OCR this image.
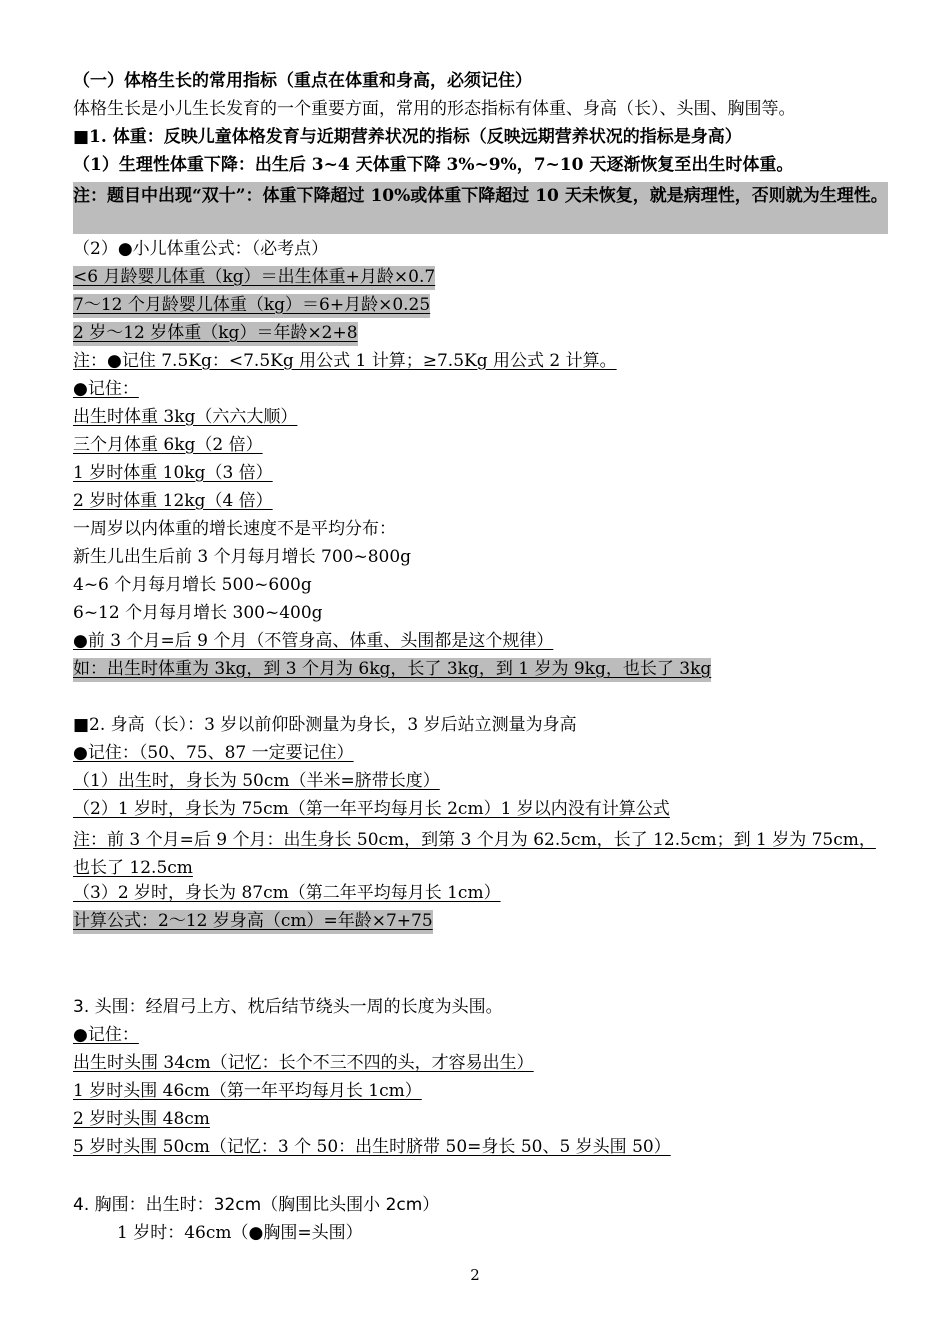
（一）体格生长的常用指标（重点在体重和身高，必须记住）
体格生长是小儿生长发育的一个重要方面，常用的形态指标有体重、身高（长）、头围、胸围等。
■1. 体重：反映儿童体格发育与近期营养状况的指标（反映远期营养状况的指标是身高）
（1）生理性体重下降：出生后 3~4 天体重下降 3%~9%，7~10 天逐渐恢复至出生时体重。
注：题目中出现“双十”：体重下降超过 10%或体重下降超过 10 天未恢复，就是病理性，否则就为生理性。
（2）●小儿体重公式：（必考点）
<6 月龄婴儿体重（kg）＝出生体重+月龄×0.7
7～12 个月龄婴儿体重（kg）＝6+月龄×0.25
2 岁～12 岁体重（kg）＝年龄×2+8
注：●记住 7.5Kg：<7.5Kg 用公式 1 计算；≥7.5Kg 用公式 2 计算。
●记住：
出生时体重 3kg（六六大顺）
三个月体重 6kg（2 倍）
1 岁时体重 10kg（3 倍）
2 岁时体重 12kg（4 倍）
一周岁以内体重的增长速度不是平均分布：
新生儿出生后前 3 个月每月增长 700~800g
4~6 个月每月增长 500~600g
6~12 个月每月增长 300~400g
●前 3 个月=后 9 个月（不管身高、体重、头围都是这个规律）
如：出生时体重为 3kg，到 3 个月为 6kg，长了 3kg，到 1 岁为 9kg，也长了 3kg
■2. 身高（长）：3 岁以前仰卧测量为身长，3 岁后站立测量为身高
●记住：（50、75、87 一定要记住）
（1）出生时，身长为 50cm（半米=脐带长度）
（2）1 岁时，身长为 75cm（第一年平均每月长 2cm）1 岁以内没有计算公式
注：前 3 个月=后 9 个月：出生身长 50cm，到第 3 个月为 62.5cm，长了 12.5cm；到 1 岁为 75cm，也长了 12.5cm
（3）2 岁时，身长为 87cm（第二年平均每月长 1cm）
计算公式：2～12 岁身高（cm）=年龄×7+75
3. 头围：经眉弓上方、枕后结节绕头一周的长度为头围。
●记住：
出生时头围 34cm（记忆：长个不三不四的头，才容易出生）
1 岁时头围 46cm（第一年平均每月长 1cm）
2 岁时头围 48cm
5 岁时头围 50cm（记忆：3 个 50：出生时脐带 50=身长 50、5 岁头围 50）
4. 胸围：出生时：32cm（胸围比头围小 2cm）
1 岁时：46cm（●胸围=头围）
2
